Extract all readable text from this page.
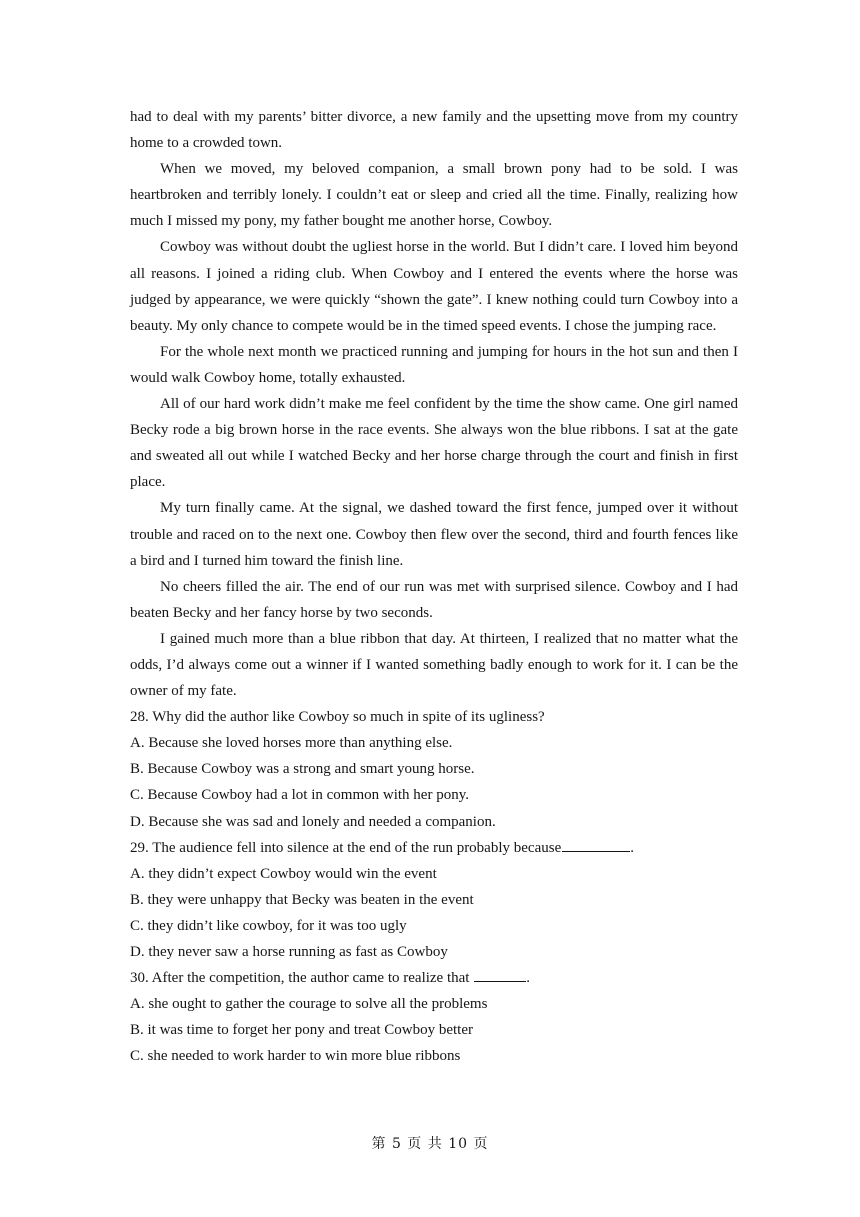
had to deal with my parents’ bitter divorce, a new family and the upsetting move from my country home to a crowded town.

When we moved, my beloved companion, a small brown pony had to be sold. I was heartbroken and terribly lonely. I couldn’t eat or sleep and cried all the time. Finally, realizing how much I missed my pony, my father bought me another horse, Cowboy.

Cowboy was without doubt the ugliest horse in the world. But I didn’t care. I loved him beyond all reasons. I joined a riding club. When Cowboy and I entered the events where the horse was judged by appearance, we were quickly “shown the gate”. I knew nothing could turn Cowboy into a beauty. My only chance to compete would be in the timed speed events. I chose the jumping race.

For the whole next month we practiced running and jumping for hours in the hot sun and then I would walk Cowboy home, totally exhausted.

All of our hard work didn’t make me feel confident by the time the show came. One girl named Becky rode a big brown horse in the race events. She always won the blue ribbons. I sat at the gate and sweated all out while I watched Becky and her horse charge through the court and finish in first place.

My turn finally came. At the signal, we dashed toward the first fence, jumped over it without trouble and raced on to the next one. Cowboy then flew over the second, third and fourth fences like a bird and I turned him toward the finish line.

No cheers filled the air. The end of our run was met with surprised silence. Cowboy and I had beaten Becky and her fancy horse by two seconds.

I gained much more than a blue ribbon that day. At thirteen, I realized that no matter what the odds, I’d always come out a winner if I wanted something badly enough to work for it. I can be the owner of my fate.

28. Why did the author like Cowboy so much in spite of its ugliness?

A. Because she loved horses more than anything else.

B. Because Cowboy was a strong and smart young horse.

C. Because Cowboy had a lot in common with her pony.

D. Because she was sad and lonely and needed a companion.

29. The audience fell into silence at the end of the run probably because	.

A. they didn’t expect Cowboy would win the event

B. they were unhappy that Becky was beaten in the event

C. they didn’t like cowboy, for it was too ugly

D. they never saw a horse running as fast as Cowboy

30. After the competition, the author came to realize that	.

A. she ought to gather the courage to solve all the problems

B. it was time to forget her pony and treat Cowboy better

C. she needed to work harder to win more blue ribbons

第 5 页 共 10 页
